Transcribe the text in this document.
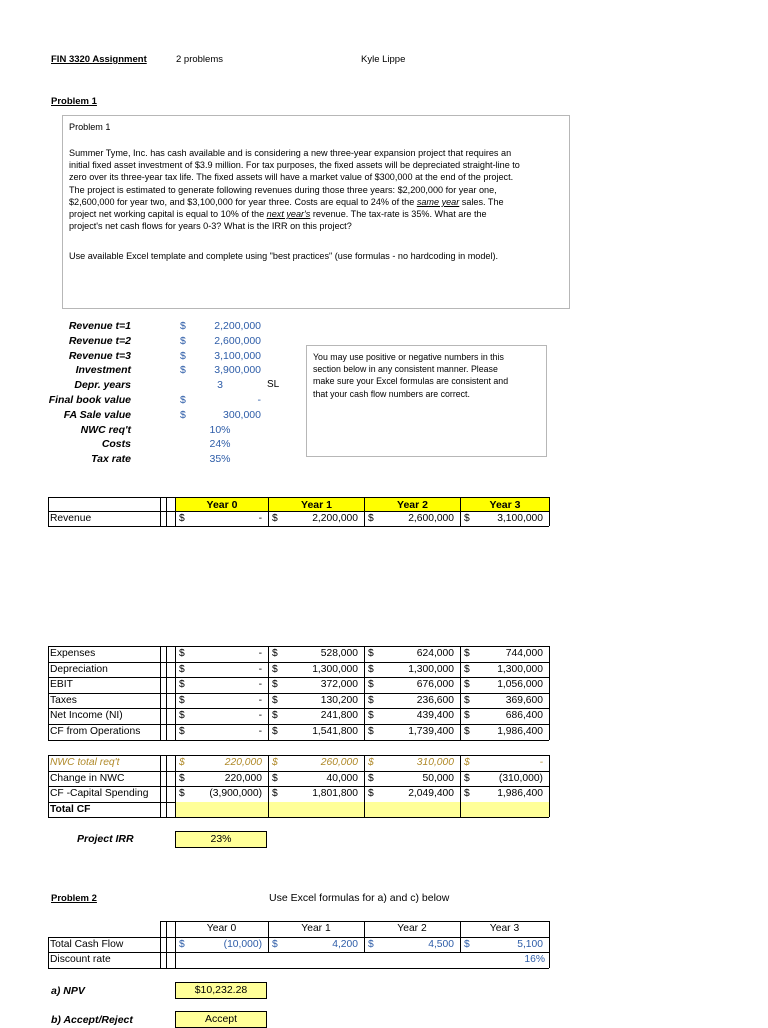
FIN 3320 Assignment	2 problems	Kyle Lippe
Problem 1
Problem 1
Summer Tyme, Inc. has cash available and is considering a new three-year expansion project that requires an
initial fixed asset investment of $3.9 million. For tax purposes, the fixed assets will be depreciated straight-line to
zero over its three-year tax life. The fixed assets will have a market value of $300,000 at the end of the project.
The project is estimated to generate following revenues during those three years: $2,200,000 for year one,
$2,600,000 for year two, and $3,100,000 for year three. Costs are equal to 24% of the same year sales. The
project net working capital is equal to 10% of the next year's revenue. The tax-rate is 35%. What are the
project's net cash flows for years 0-3? What is the IRR on this project?
Use available Excel template and complete using "best practices" (use formulas - no hardcoding in model).
Revenue t=1	$	2,200,000
Revenue t=2	$	2,600,000
Revenue t=3	$	3,100,000
Investment	$	3,900,000
Depr. years	3	SL
Final book value	$	-
FA Sale value	$	300,000
NWC req't	10%
Costs	24%
Tax rate	35%
You may use positive or negative numbers in this
section below in any consistent manner. Please
make sure your Excel formulas are consistent and
that your cash flow numbers are correct.
Year 0	Year 1	Year 2	Year 3
Revenue	$	- $	2,200,000 $	2,600,000 $	3,100,000
Expenses	$	- $	528,000 $	624,000 $	744,000
Depreciation	$	- $	1,300,000 $	1,300,000 $	1,300,000
EBIT	$	- $	372,000 $	676,000 $	1,056,000
Taxes	$	- $	130,200 $	236,600 $	369,600
Net Income (NI)	$	- $	241,800 $	439,400 $	686,400
CF from Operations	$	- $	1,541,800 $	1,739,400 $	1,986,400
NWC total req't	$	220,000 $	260,000 $	310,000 $	-
Change in NWC	$	220,000 $	40,000 $	50,000 $	(310,000)
CF -Capital Spending	$	(3,900,000) $	1,801,800 $	2,049,400 $	1,986,400
Total CF
Project IRR	23%
Problem 2	Use Excel formulas for a) and c) below
Year 0	Year 1	Year 2	Year 3
Total Cash Flow	$	(10,000) $	4,200 $	4,500 $	5,100
Discount rate	16%
a) NPV	$10,232.28
b) Accept/Reject	Accept
